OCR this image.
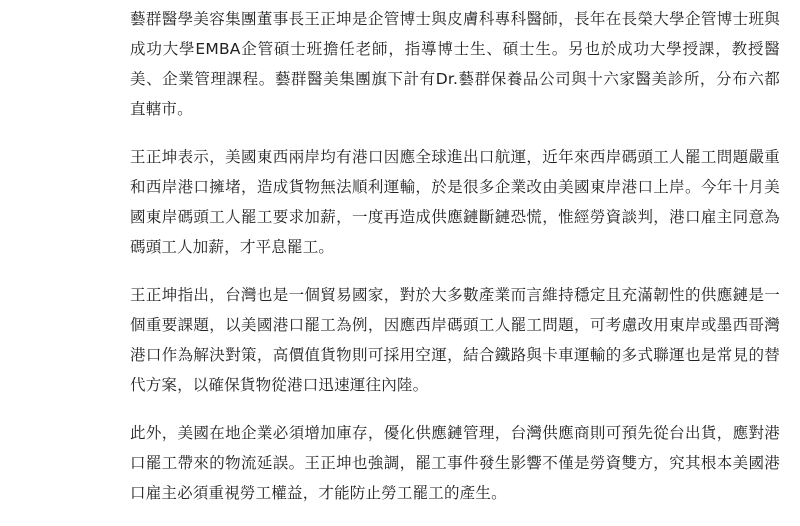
藝群醫學美容集團董事長王正坤是企管博士與皮膚科專科醫師，長年在長榮大學企管博士班與成功大學EMBA企管碩士班擔任老師，指導博士生、碩士生。另也於成功大學授課，教授醫美、企業管理課程。藝群醫美集團旗下計有Dr.藝群保養品公司與十六家醫美診所，分布六都直轄市。

王正坤表示，美國東西兩岸均有港口因應全球進出口航運，近年來西岸碼頭工人罷工問題嚴重和西岸港口擁堵，造成貨物無法順利運輸，於是很多企業改由美國東岸港口上岸。今年十月美國東岸碼頭工人罷工要求加薪，一度再造成供應鏈斷鏈恐慌，惟經勞資談判，港口雇主同意為碼頭工人加薪，才平息罷工。

王正坤指出，台灣也是一個貿易國家，對於大多數產業而言維持穩定且充滿韌性的供應鏈是一個重要課題，以美國港口罷工為例，因應西岸碼頭工人罷工問題，可考慮改用東岸或墨西哥灣港口作為解決對策，高價值貨物則可採用空運，結合鐵路與卡車運輸的多式聯運也是常見的替代方案，以確保貨物從港口迅速運往內陸。

此外，美國在地企業必須增加庫存，優化供應鏈管理，台灣供應商則可預先從台出貨，應對港口罷工帶來的物流延誤。王正坤也強調，罷工事件發生影響不僅是勞資雙方，究其根本美國港口雇主必須重視勞工權益，才能防止勞工罷工的產生。
